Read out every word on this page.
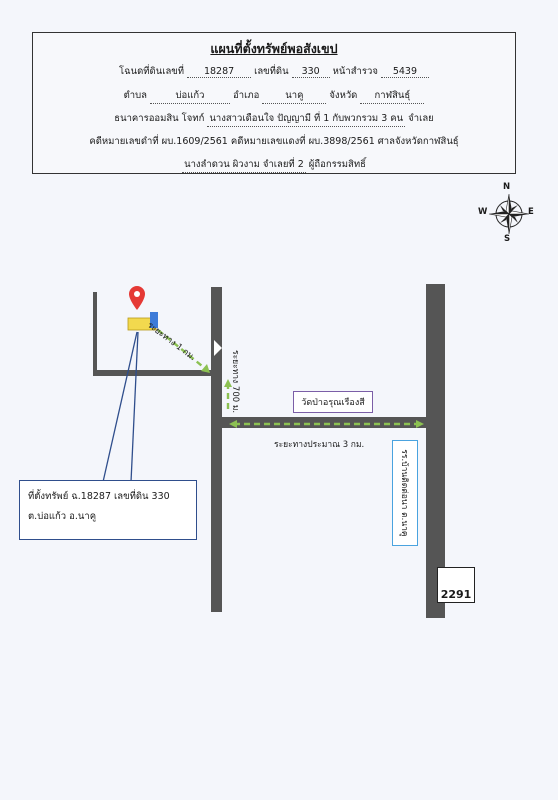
แผนที่ตั้งทรัพย์พอสังเขป
โฉนดที่ดินเลขที่ 18287 เลขที่ดิน 330 หน้าสำรวจ 5439
ตำบล	บ่อแก้ว	อำเภอ	นาคู	จังหวัด กาฬสินธุ์
ธนาคารออมสิน โจทก์ นางสาวเดือนใจ ปัญญามี ที่ 1 กับพวกรวม 3 คน จำเลย
คดีหมายเลขดำที่ ผบ.1609/2561 คดีหมายเลขแดงที่ ผบ.3898/2561 ศาลจังหวัดกาฬสินธุ์
นางลำดวน ผิวงาม จำเลยที่ 2 ผู้ถือกรรมสิทธิ์
N
S
E
W
ระยะทาง 1 กม.
ระยะทาง 700 ม.	วัดป่าอรุณเรืองสี
ระยะทางประมาณ 3 กม.
รร.บ้านติดต่อนา ต.นาคู
ที่ตั้งทรัพย์ ฉ.18287 เลขที่ดิน 330
ต.บ่อแก้ว อ.นาคู
2291
